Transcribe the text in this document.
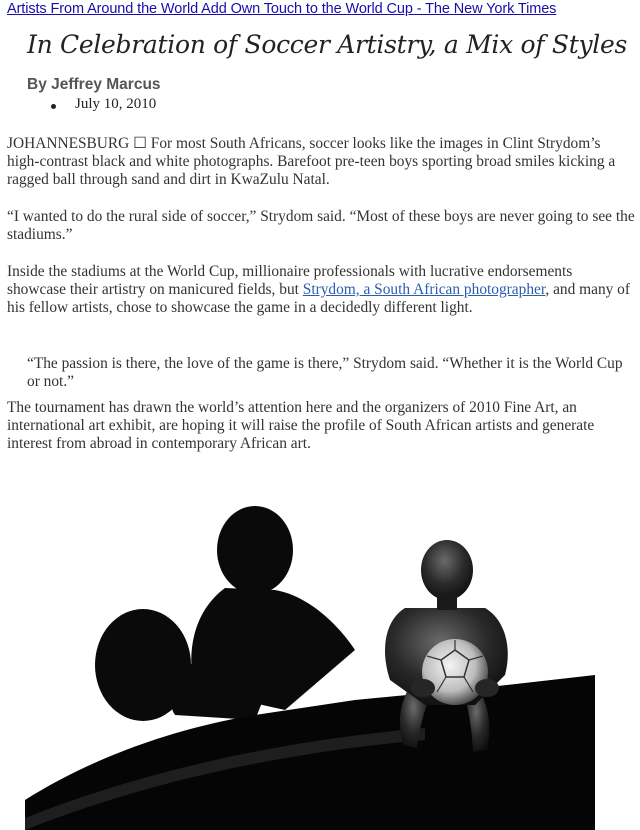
Artists From Around the World Add Own Touch to the World Cup - The New York Times
In Celebration of Soccer Artistry, a Mix of Styles
By Jeffrey Marcus
July 10, 2010

JOHANNESBURG ☐ For most South Africans, soccer looks like the images in Clint Strydom’s high-contrast black and white photographs. Barefoot pre-teen boys sporting broad smiles kicking a ragged ball through sand and dirt in KwaZulu Natal.

“I wanted to do the rural side of soccer,” Strydom said. “Most of these boys are never going to see the stadiums.”

Inside the stadiums at the World Cup, millionaire professionals with lucrative endorsements showcase their artistry on manicured fields, but Strydom, a South African photographer, and many of his fellow artists, chose to showcase the game in a decidedly different light.

“The passion is there, the love of the game is there,” Strydom said. “Whether it is the World Cup or not.”

The tournament has drawn the world’s attention here and the organizers of 2010 Fine Art, an international art exhibit, are hoping it will raise the profile of South African artists and generate interest from abroad in contemporary African art.
